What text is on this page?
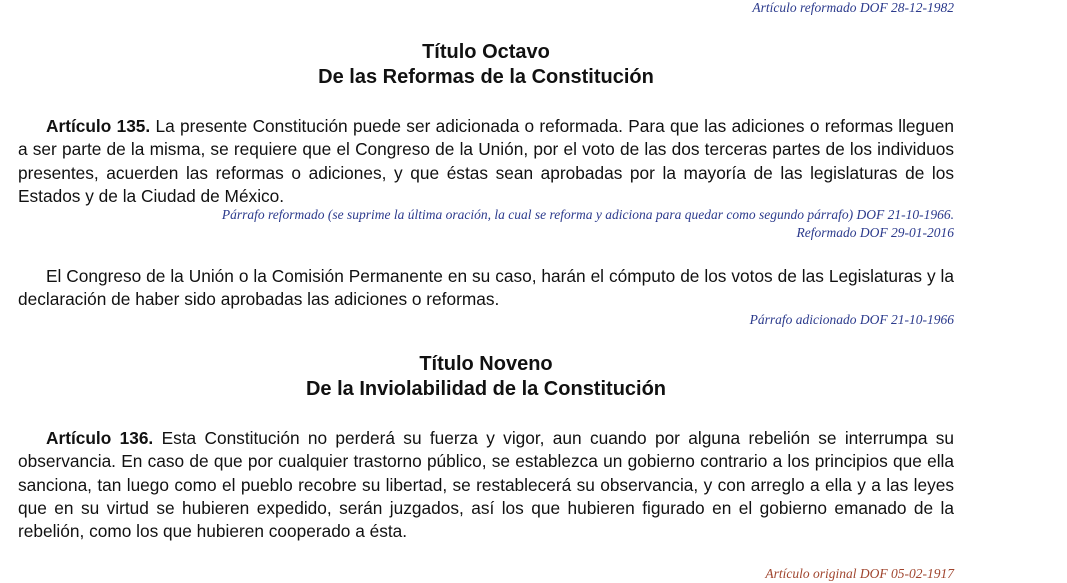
Artículo reformado DOF 28-12-1982
Título Octavo
De las Reformas de la Constitución

Artículo 135. La presente Constitución puede ser adicionada o reformada. Para que las adiciones o reformas lleguen a ser parte de la misma, se requiere que el Congreso de la Unión, por el voto de las dos terceras partes de los individuos presentes, acuerden las reformas o adiciones, y que éstas sean aprobadas por la mayoría de las legislaturas de los Estados y de la Ciudad de México.

Párrafo reformado (se suprime la última oración, la cual se reforma y adiciona para quedar como segundo párrafo) DOF 21-10-1966.
Reformado DOF 29-01-2016

El Congreso de la Unión o la Comisión Permanente en su caso, harán el cómputo de los votos de las Legislaturas y la declaración de haber sido aprobadas las adiciones o reformas.

Párrafo adicionado DOF 21-10-1966
Título Noveno
De la Inviolabilidad de la Constitución

Artículo 136. Esta Constitución no perderá su fuerza y vigor, aun cuando por alguna rebelión se interrumpa su observancia. En caso de que por cualquier trastorno público, se establezca un gobierno contrario a los principios que ella sanciona, tan luego como el pueblo recobre su libertad, se restablecerá su observancia, y con arreglo a ella y a las leyes que en su virtud se hubieren expedido, serán juzgados, así los que hubieren figurado en el gobierno emanado de la rebelión, como los que hubieren cooperado a ésta.

Artículo original DOF 05-02-1917
